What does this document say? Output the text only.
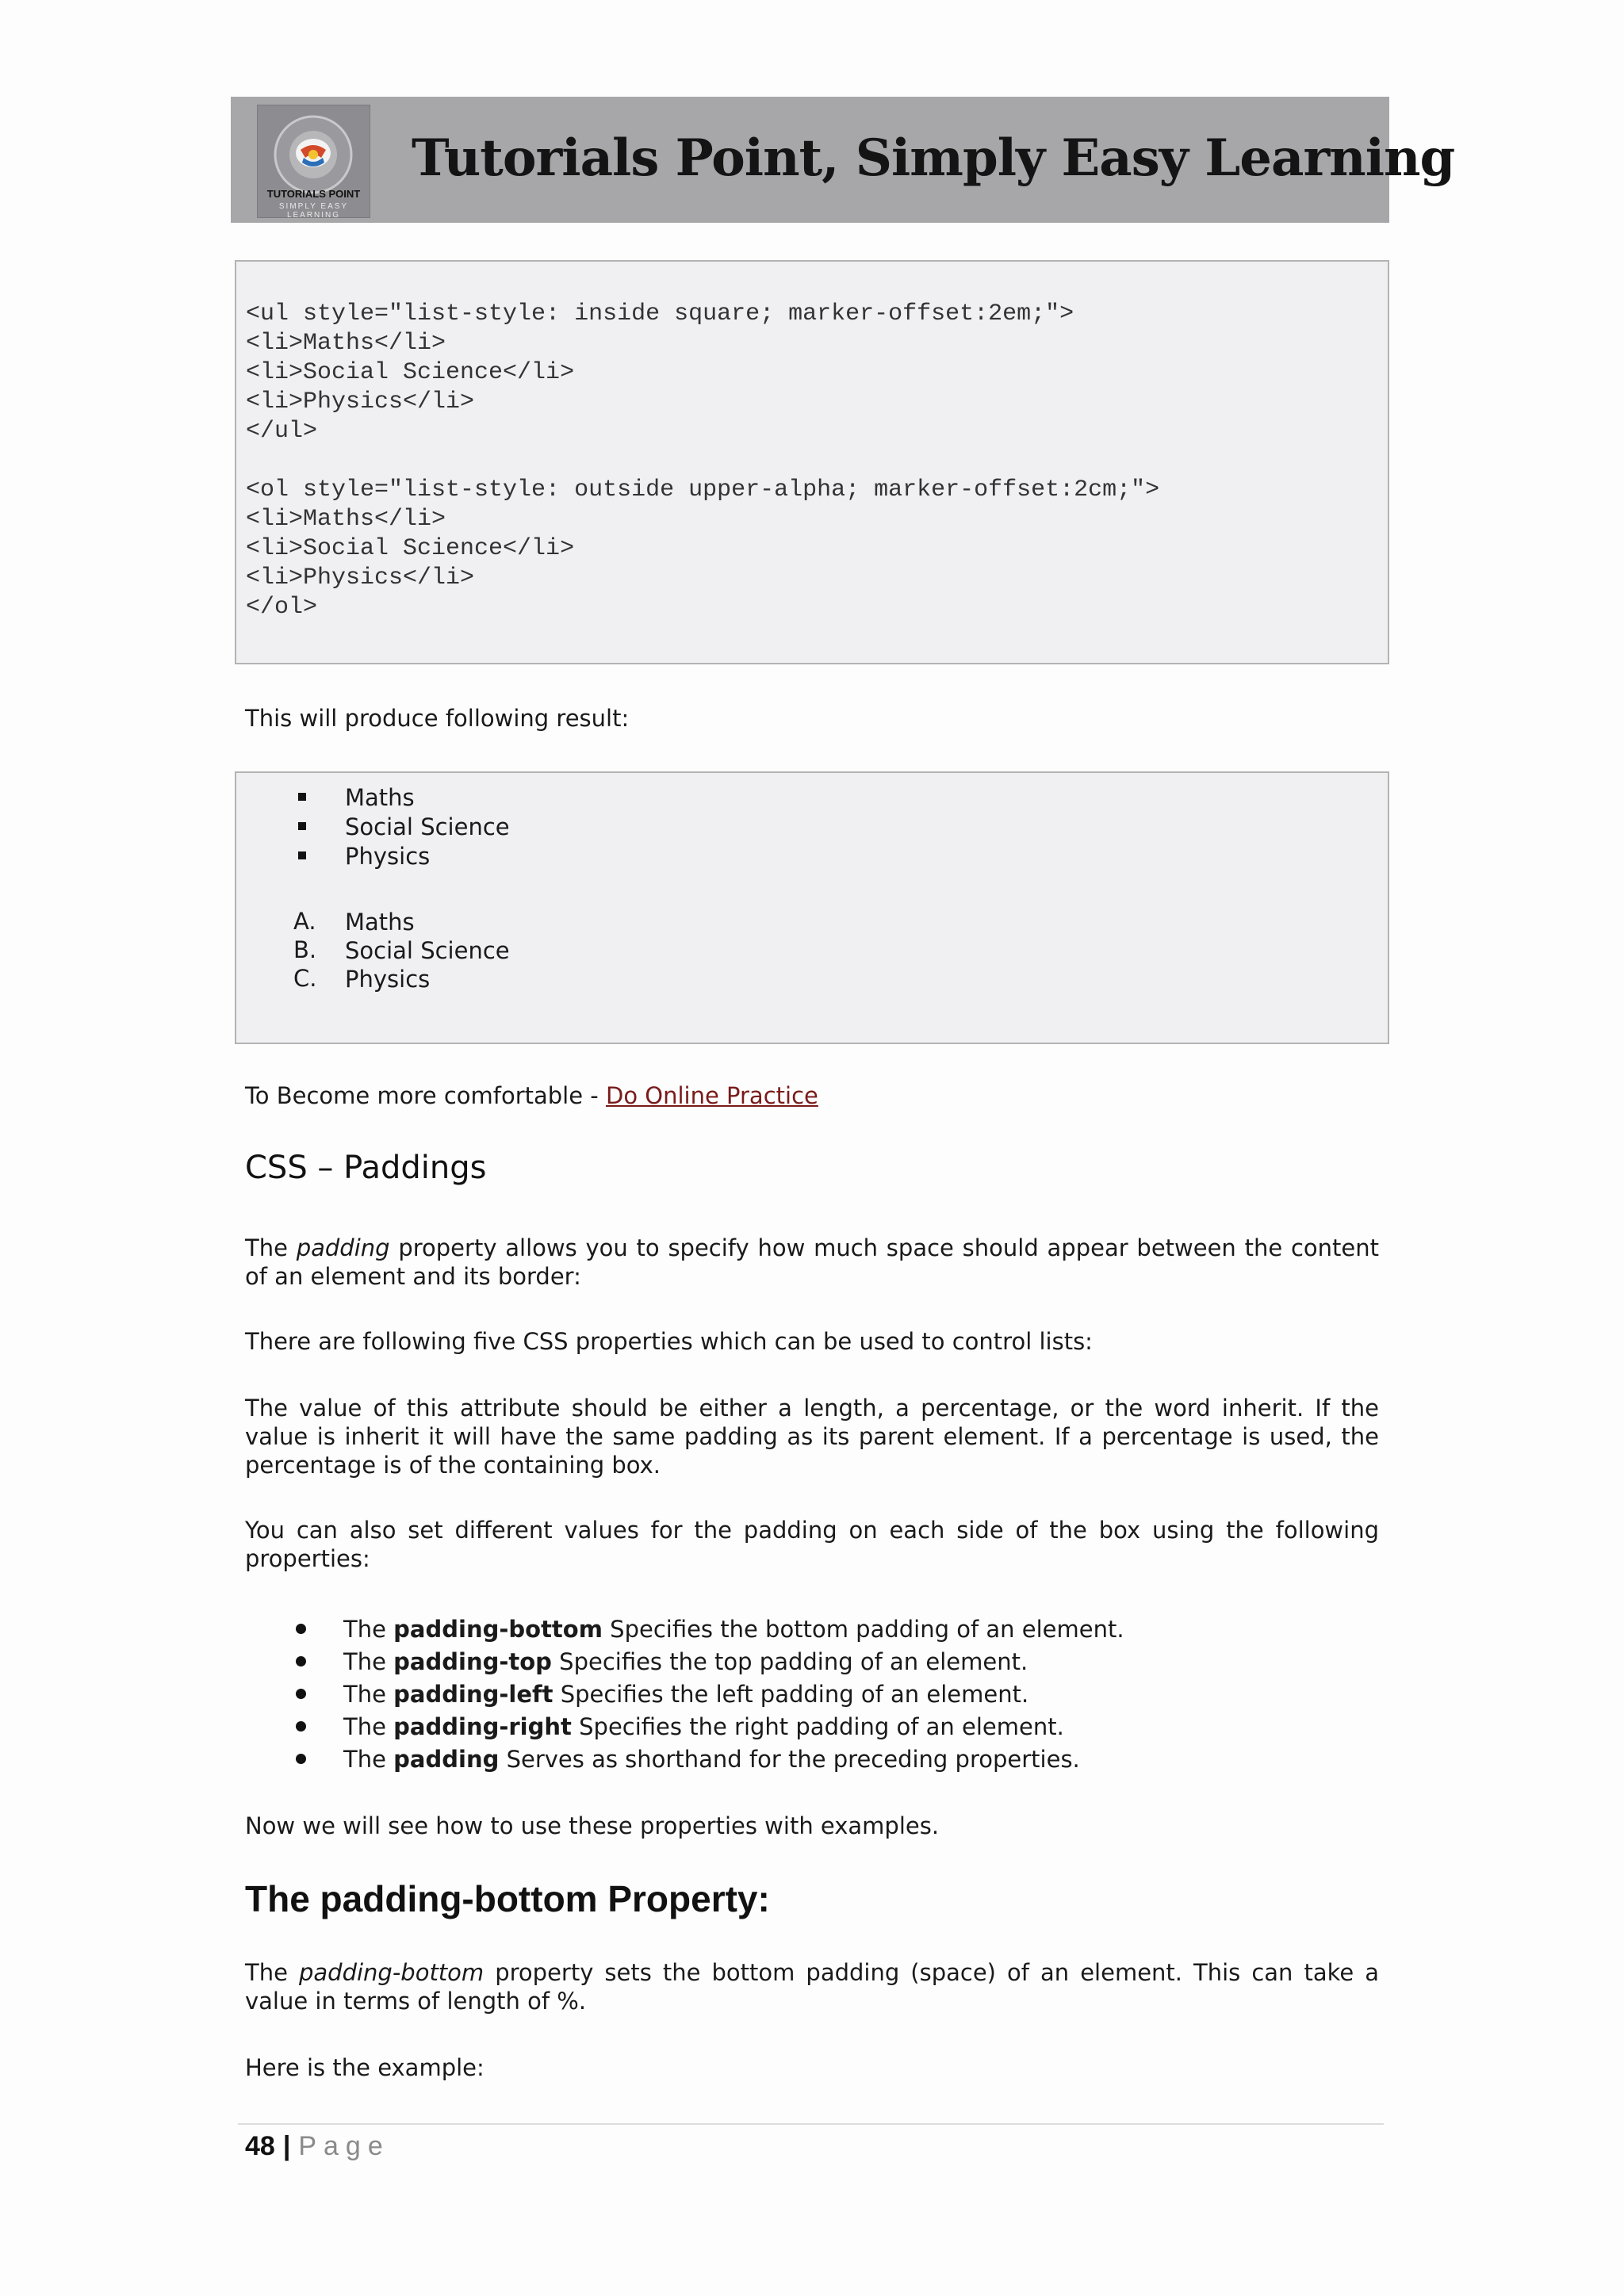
TUTORIALS POINT
SIMPLY EASY LEARNING
Tutorials Point, Simply Easy Learning
<ul style="list-style: inside square; marker-offset:2em;">
<li>Maths</li>
<li>Social Science</li>
<li>Physics</li>
</ul>
<ol style="list-style: outside upper-alpha; marker-offset:2cm;">
<li>Maths</li>
<li>Social Science</li>
<li>Physics</li>
</ol>
This will produce following result:
Maths
Social Science
Physics
A. Maths
B. Social Science
C. Physics
To Become more comfortable - Do Online Practice
CSS – Paddings
The padding property allows you to specify how much space should appear between the content of an element and its border:
There are following five CSS properties which can be used to control lists:
The value of this attribute should be either a length, a percentage, or the word inherit. If the value is inherit it will have the same padding as its parent element. If a percentage is used, the percentage is of the containing box.
You can also set different values for the padding on each side of the box using the following properties:
The padding-bottom Specifies the bottom padding of an element.
The padding-top Specifies the top padding of an element.
The padding-left Specifies the left padding of an element.
The padding-right Specifies the right padding of an element.
The padding Serves as shorthand for the preceding properties.
Now we will see how to use these properties with examples.
The padding-bottom Property:
The padding-bottom property sets the bottom padding (space) of an element. This can take a value in terms of length of %.
Here is the example:
48 | Page
